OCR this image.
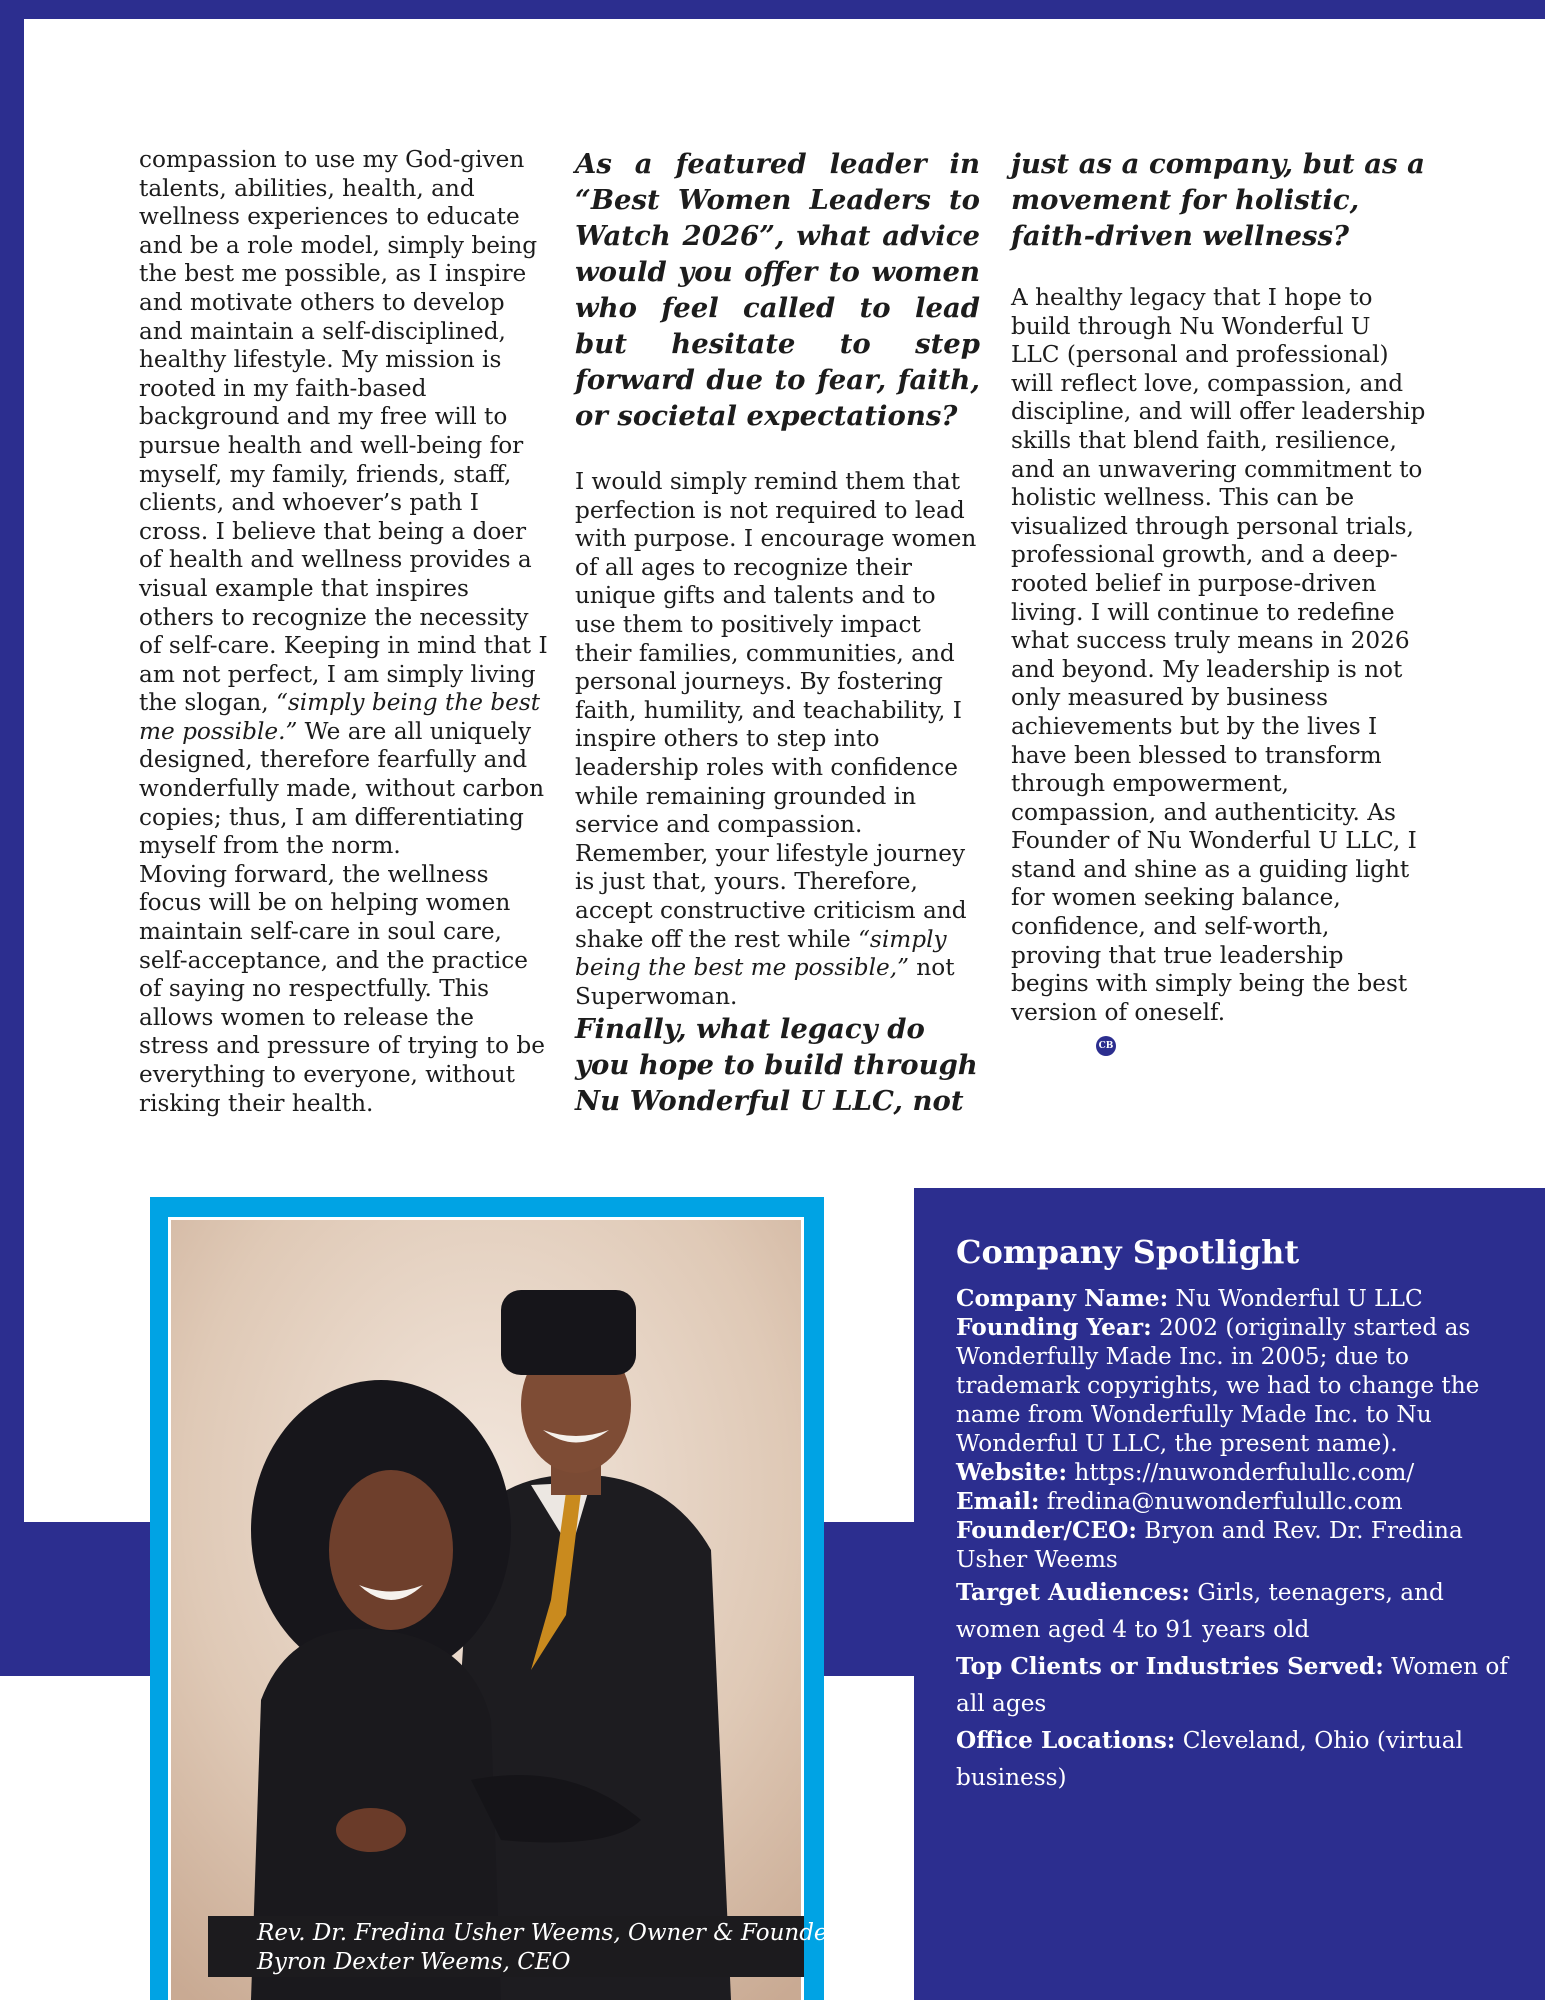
compassion to use my God-given talents, abilities, health, and wellness experiences to educate and be a role model, simply being the best me possible, as I inspire and motivate others to develop and maintain a self-disciplined, healthy lifestyle. My mission is rooted in my faith-based background and my free will to pursue health and well-being for myself, my family, friends, staff, clients, and whoever’s path I cross. I believe that being a doer of health and wellness provides a visual example that inspires others to recognize the necessity of self-care. Keeping in mind that I am not perfect, I am simply living the slogan, “simply being the best me possible.” We are all uniquely designed, therefore fearfully and wonderfully made, without carbon copies; thus, I am differentiating myself from the norm.

Moving forward, the wellness focus will be on helping women maintain self-care in soul care, self-acceptance, and the practice of saying no respectfully. This allows women to release the stress and pressure of trying to be everything to everyone, without risking their health.

As a featured leader in “Best Women Leaders to Watch 2026”, what advice would you offer to women who feel called to lead but hesitate to step forward due to fear, faith, or societal expectations?

I would simply remind them that perfection is not required to lead with purpose. I encourage women of all ages to recognize their unique gifts and talents and to use them to positively impact their families, communities, and personal journeys. By fostering faith, humility, and teachability, I inspire others to step into leadership roles with confidence while remaining grounded in service and compassion. Remember, your lifestyle journey is just that, yours. Therefore, accept constructive criticism and shake off the rest while “simply being the best me possible,” not Superwoman.

Finally, what legacy do you hope to build through Nu Wonderful U LLC, not

just as a company, but as a movement for holistic, faith-driven wellness?

A healthy legacy that I hope to build through Nu Wonderful U LLC (personal and professional) will reflect love, compassion, and discipline, and will offer leadership skills that blend faith, resilience, and an unwavering commitment to holistic wellness. This can be visualized through personal trials, professional growth, and a deep-rooted belief in purpose-driven living. I will continue to redefine what success truly means in 2026 and beyond. My leadership is not only measured by business achievements but by the lives I have been blessed to transform through empowerment, compassion, and authenticity. As Founder of Nu Wonderful U LLC, I stand and shine as a guiding light for women seeking balance, confidence, and self-worth, proving that true leadership begins with simply being the best version of oneself.

CB
Rev. Dr. Fredina Usher Weems, Owner & Founder
Byron Dexter Weems, CEO
Company Spotlight

Company Name: Nu Wonderful U LLC

Founding Year: 2002 (originally started as Wonderfully Made Inc. in 2005; due to trademark copyrights, we had to change the name from Wonderfully Made Inc. to Nu Wonderful U LLC, the present name).

Website: https://nuwonderfulullc.com/

Email: fredina@nuwonderfulullc.com

Founder/CEO: Bryon and Rev. Dr. Fredina Usher Weems

Target Audiences: Girls, teenagers, and women aged 4 to 91 years old

Top Clients or Industries Served: Women of all ages

Office Locations: Cleveland, Ohio (virtual business)
